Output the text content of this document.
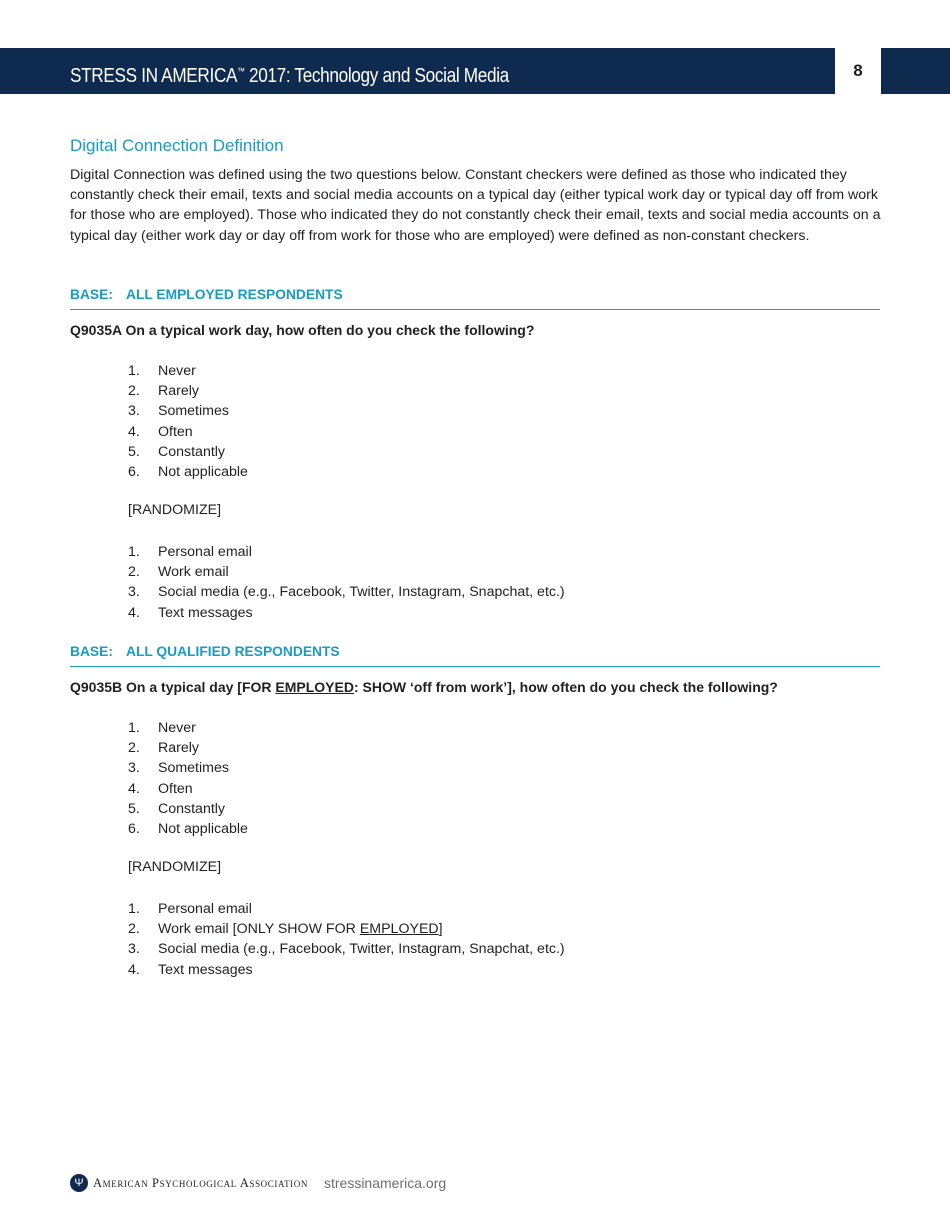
STRESS IN AMERICA™ 2017: Technology and Social Media	8
Digital Connection Definition
Digital Connection was defined using the two questions below. Constant checkers were defined as those who indicated they constantly check their email, texts and social media accounts on a typical day (either typical work day or typical day off from work for those who are employed). Those who indicated they do not constantly check their email, texts and social media accounts on a typical day (either work day or day off from work for those who are employed) were defined as non-constant checkers.
BASE: ALL EMPLOYED RESPONDENTS
Q9035A On a typical work day, how often do you check the following?
1. Never
2. Rarely
3. Sometimes
4. Often
5. Constantly
6. Not applicable
[RANDOMIZE]
1. Personal email
2. Work email
3. Social media (e.g., Facebook, Twitter, Instagram, Snapchat, etc.)
4. Text messages
BASE: ALL QUALIFIED RESPONDENTS
Q9035B On a typical day [FOR EMPLOYED: SHOW ‘off from work’], how often do you check the following?
1. Never
2. Rarely
3. Sometimes
4. Often
5. Constantly
6. Not applicable
[RANDOMIZE]
1. Personal email
2. Work email [ONLY SHOW FOR EMPLOYED]
3. Social media (e.g., Facebook, Twitter, Instagram, Snapchat, etc.)
4. Text messages
Ψ American Psychological Association stressinamerica.org
